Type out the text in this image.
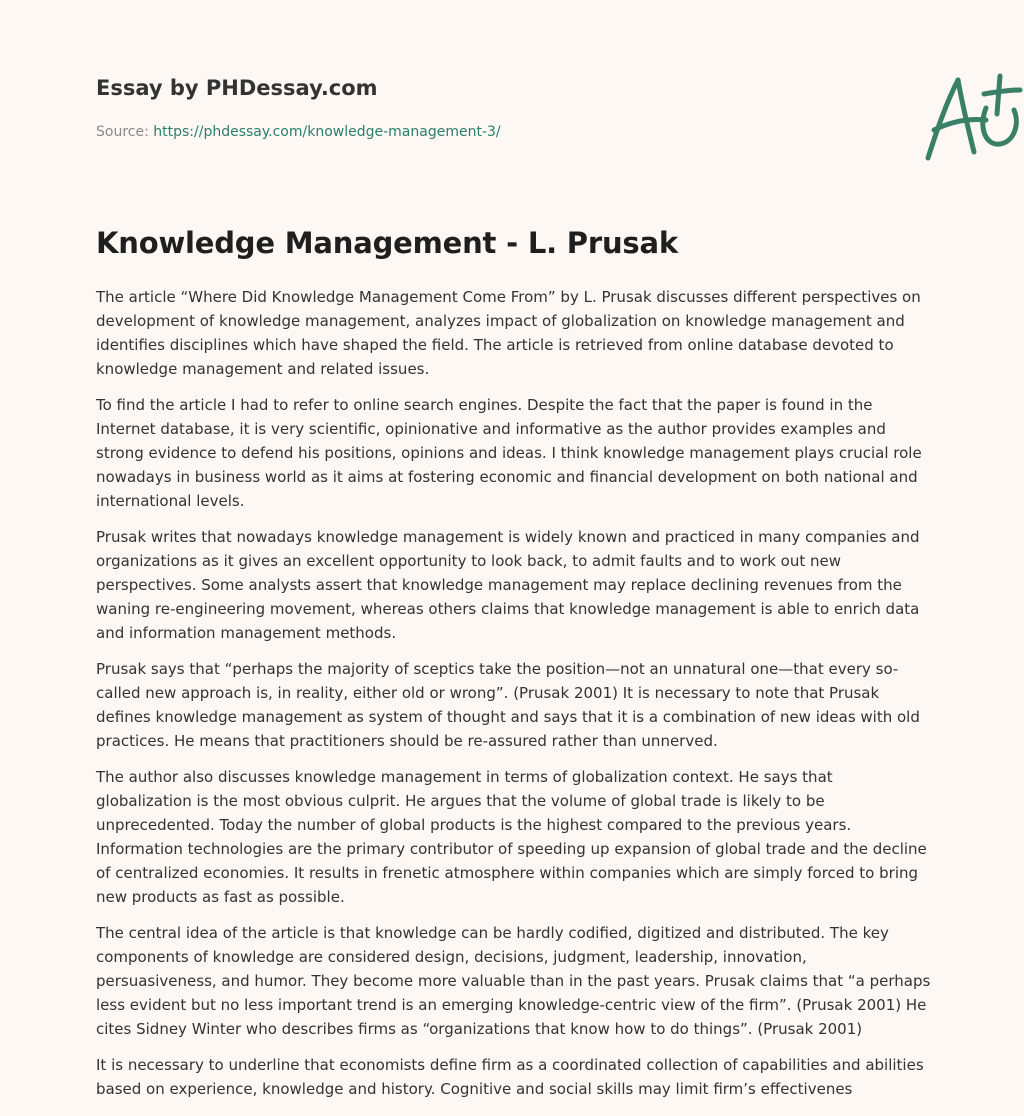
Essay by PHDessay.com
Source: https://phdessay.com/knowledge-management-3/
Knowledge Management - L. Prusak

The article “Where Did Knowledge Management Come From” by L. Prusak discusses different perspectives on development of knowledge management, analyzes impact of globalization on knowledge management and identifies disciplines which have shaped the field. The article is retrieved from online database devoted to knowledge management and related issues.

To find the article I had to refer to online search engines. Despite the fact that the paper is found in the Internet database, it is very scientific, opinionative and informative as the author provides examples and strong evidence to defend his positions, opinions and ideas. I think knowledge management plays crucial role nowadays in business world as it aims at fostering economic and financial development on both national and international levels.

Prusak writes that nowadays knowledge management is widely known and practiced in many companies and organizations as it gives an excellent opportunity to look back, to admit faults and to work out new perspectives. Some analysts assert that knowledge management may replace declining revenues from the waning re-engineering movement, whereas others claims that knowledge management is able to enrich data and information management methods.

Prusak says that “perhaps the majority of sceptics take the position—not an unnatural one—that every so-called new approach is, in reality, either old or wrong”. (Prusak 2001) It is necessary to note that Prusak defines knowledge management as system of thought and says that it is a combination of new ideas with old practices. He means that practitioners should be re-assured rather than unnerved.

The author also discusses knowledge management in terms of globalization context. He says that globalization is the most obvious culprit. He argues that the volume of global trade is likely to be unprecedented. Today the number of global products is the highest compared to the previous years. Information technologies are the primary contributor of speeding up expansion of global trade and the decline of centralized economies. It results in frenetic atmosphere within companies which are simply forced to bring new products as fast as possible.

The central idea of the article is that knowledge can be hardly codified, digitized and distributed. The key components of knowledge are considered design, decisions, judgment, leadership, innovation, persuasiveness, and humor. They become more valuable than in the past years. Prusak claims that “a perhaps less evident but no less important trend is an emerging knowledge-centric view of the firm”. (Prusak 2001) He cites Sidney Winter who describes firms as “organizations that know how to do things”. (Prusak 2001)

It is necessary to underline that economists define firm as a coordinated collection of capabilities and abilities based on experience, knowledge and history. Cognitive and social skills may limit firm’s effectivenes
